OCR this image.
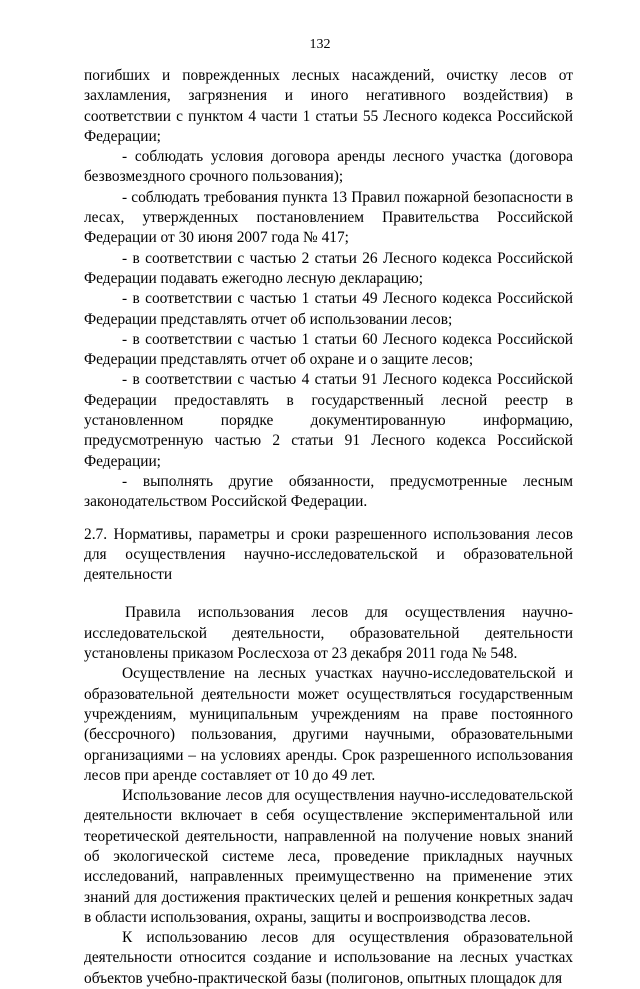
132

погибших и поврежденных лесных насаждений, очистку лесов от захламления, загрязнения и иного негативного воздействия) в соответствии с пунктом 4 части 1 статьи 55 Лесного кодекса Российской Федерации;

- соблюдать условия договора аренды лесного участка (договора безвозмездного срочного пользования);

- соблюдать требования пункта 13 Правил пожарной безопасности в лесах, утвержденных постановлением Правительства Российской Федерации от 30 июня 2007 года № 417;

- в соответствии с частью 2 статьи 26 Лесного кодекса Российской Федерации подавать ежегодно лесную декларацию;

- в соответствии с частью 1 статьи 49 Лесного кодекса Российской Федерации представлять отчет об использовании лесов;

- в соответствии с частью 1 статьи 60 Лесного кодекса Российской Федерации представлять отчет об охране и о защите лесов;

- в соответствии с частью 4 статьи 91 Лесного кодекса Российской Федерации предоставлять в государственный лесной реестр в установленном порядке документированную информацию, предусмотренную частью 2 статьи 91 Лесного кодекса Российской Федерации;

- выполнять другие обязанности, предусмотренные лесным законодательством Российской Федерации.

2.7. Нормативы, параметры и сроки разрешенного использования лесов для осуществления научно-исследовательской и образовательной деятельности

Правила использования лесов для осуществления научно-исследовательской деятельности, образовательной деятельности установлены приказом Рослесхоза от 23 декабря 2011 года № 548.

Осуществление на лесных участках научно-исследовательской и образовательной деятельности может осуществляться государственным учреждениям, муниципальным учреждениям на праве постоянного (бессрочного) пользования, другими научными, образовательными организациями – на условиях аренды. Срок разрешенного использования лесов при аренде составляет от 10 до 49 лет.

Использование лесов для осуществления научно-исследовательской деятельности включает в себя осуществление экспериментальной или теоретической деятельности, направленной на получение новых знаний об экологической системе леса, проведение прикладных научных исследований, направленных преимущественно на применение этих знаний для достижения практических целей и решения конкретных задач в области использования, охраны, защиты и воспроизводства лесов.

К использованию лесов для осуществления образовательной деятельности относится создание и использование на лесных участках объектов учебно-практической базы (полигонов, опытных площадок для
